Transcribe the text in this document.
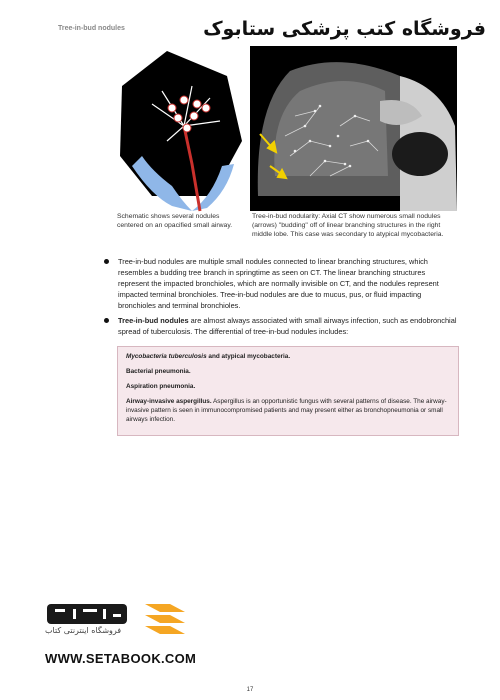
Tree-in-bud nodules	فروشگاه کتب پزشکی ستابوک
Schematic shows several nodules centered on an opacified small airway.
Tree-in-bud nodularity: Axial CT show numerous small nodules (arrows) "budding" off of linear branching structures in the right middle lobe. This case was secondary to atypical mycobacteria.
Tree-in-bud nodules are multiple small nodules connected to linear branching structures, which resembles a budding tree branch in springtime as seen on CT. The linear branching structures represent the impacted bronchioles, which are normally invisible on CT, and the nodules represent impacted terminal bronchioles. Tree-in-bud nodules are due to mucus, pus, or fluid impacting bronchioles and terminal bronchioles.
Tree-in-bud nodules are almost always associated with small airways infection, such as endobronchial spread of tuberculosis. The differential of tree-in-bud nodules includes:

Mycobacteria tuberculosis and atypical mycobacteria.

Bacterial pneumonia.

Aspiration pneumonia.

Airway-invasive aspergillus. Aspergillus is an opportunistic fungus with several patterns of disease. The airway-invasive pattern is seen in immunocompromised patients and may present either as bronchopneumonia or small airways infection.

فروشگاه اینترنتی کتاب
WWW.SETABOOK.COM
17
